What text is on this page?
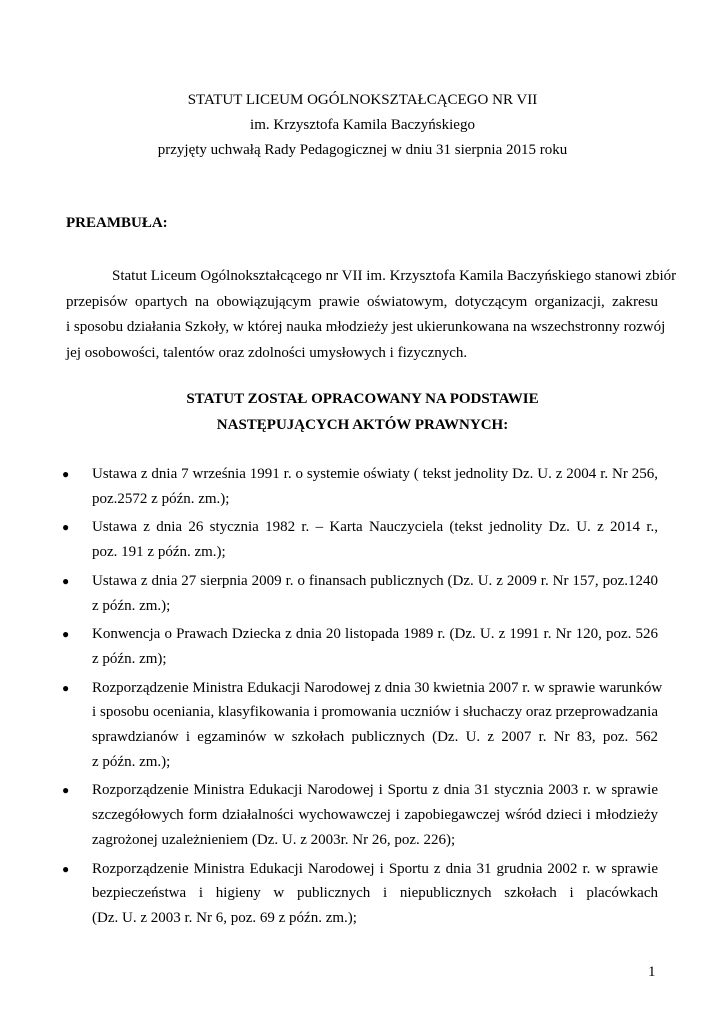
STATUT LICEUM OGÓLNOKSZTAŁCĄCEGO NR VII
im. Krzysztofa Kamila Baczyńskiego
przyjęty uchwałą Rady Pedagogicznej w dniu 31 sierpnia 2015 roku
PREAMBUŁA:
Statut Liceum Ogólnokształcącego nr VII im. Krzysztofa Kamila Baczyńskiego stanowi zbiór
przepisów opartych na obowiązującym prawie oświatowym, dotyczącym organizacji, zakresu
i sposobu działania Szkoły, w której nauka młodzieży jest ukierunkowana na wszechstronny rozwój
jej osobowości, talentów oraz zdolności umysłowych i fizycznych.
STATUT ZOSTAŁ OPRACOWANY NA PODSTAWIE
NASTĘPUJĄCYCH AKTÓW PRAWNYCH:
● Ustawa z dnia 7 września 1991 r. o systemie oświaty ( tekst jednolity Dz. U. z 2004 r. Nr 256,
poz.2572 z późn. zm.);
● Ustawa z dnia 26 stycznia 1982 r. – Karta Nauczyciela (tekst jednolity Dz. U. z 2014 r.,
poz. 191 z późn. zm.);
● Ustawa z dnia 27 sierpnia 2009 r. o finansach publicznych (Dz. U. z 2009 r. Nr 157, poz.1240
z późn. zm.);
● Konwencja o Prawach Dziecka z dnia 20 listopada 1989 r. (Dz. U. z 1991 r. Nr 120, poz. 526
z późn. zm);
● Rozporządzenie Ministra Edukacji Narodowej z dnia 30 kwietnia 2007 r. w sprawie warunków
i sposobu oceniania, klasyfikowania i promowania uczniów i słuchaczy oraz przeprowadzania
sprawdzianów i egzaminów w szkołach publicznych (Dz. U. z 2007 r. Nr 83, poz. 562
z późn. zm.);
● Rozporządzenie Ministra Edukacji Narodowej i Sportu z dnia 31 stycznia 2003 r. w sprawie
szczegółowych form działalności wychowawczej i zapobiegawczej wśród dzieci i młodzieży
zagrożonej uzależnieniem (Dz. U. z 2003r. Nr 26, poz. 226);
● Rozporządzenie Ministra Edukacji Narodowej i Sportu z dnia 31 grudnia 2002 r. w sprawie
bezpieczeństwa i higieny w publicznych i niepublicznych szkołach i placówkach
(Dz. U. z 2003 r. Nr 6, poz. 69 z późn. zm.);
1
